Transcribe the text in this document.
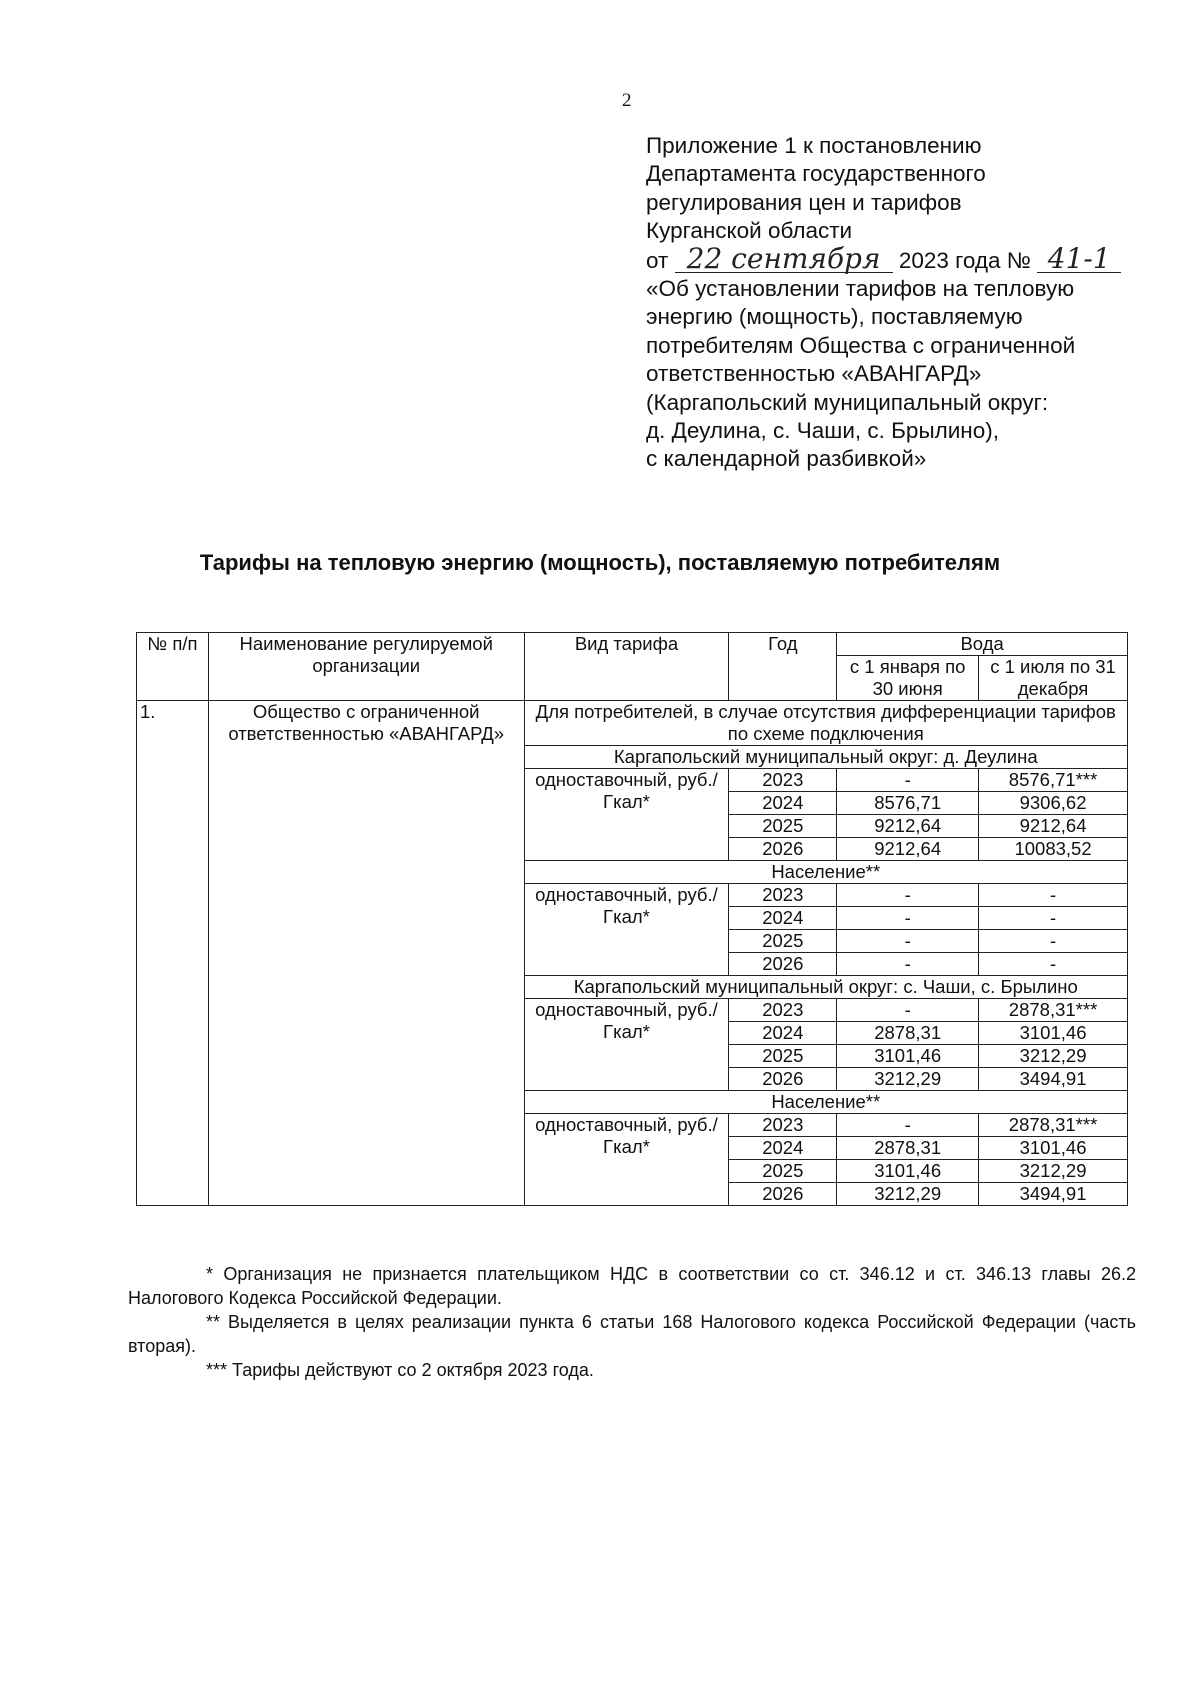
2
Приложение 1 к постановлению
Департамента государственного
регулирования цен и тарифов
Курганской области
от 22 сентября 2023 года № 41-1
«Об установлении тарифов на тепловую
энергию (мощность), поставляемую
потребителям Общества с ограниченной
ответственностью «АВАНГАРД»
(Каргапольский муниципальный округ:
д. Деулина, с. Чаши, с. Брылино),
с календарной разбивкой»
Тарифы на тепловую энергию (мощность), поставляемую потребителям
№ п/п	Наименование регулируемой организации	Вид тарифа	Год	Вода	
				с 1 января по 30 июня	с 1 июля по 31 декабря
1.	Общество с ограниченной ответственностью «АВАНГАРД»	Для потребителей, в случае отсутствия дифференциации тарифов по схеме подключения			
		Каргапольский муниципальный округ: д. Деулина			
		одноставочный, руб./Гкал*	2023	-	8576,71***
			2024	8576,71	9306,62
			2025	9212,64	9212,64
			2026	9212,64	10083,52
		Население**			
		одноставочный, руб./Гкал*	2023	-	-
			2024	-	-
			2025	-	-
			2026	-	-
		Каргапольский муниципальный округ: с. Чаши, с. Брылино			
		одноставочный, руб./Гкал*	2023	-	2878,31***
			2024	2878,31	3101,46
			2025	3101,46	3212,29
			2026	3212,29	3494,91
		Население**			
		одноставочный, руб./Гкал*	2023	-	2878,31***
			2024	2878,31	3101,46
			2025	3101,46	3212,29
			2026	3212,29	3494,91

* Организация не признается плательщиком НДС в соответствии со ст. 346.12 и ст. 346.13 главы 26.2 Налогового Кодекса Российской Федерации.

** Выделяется в целях реализации пункта 6 статьи 168 Налогового кодекса Российской Федерации (часть вторая).

*** Тарифы действуют со 2 октября 2023 года.
